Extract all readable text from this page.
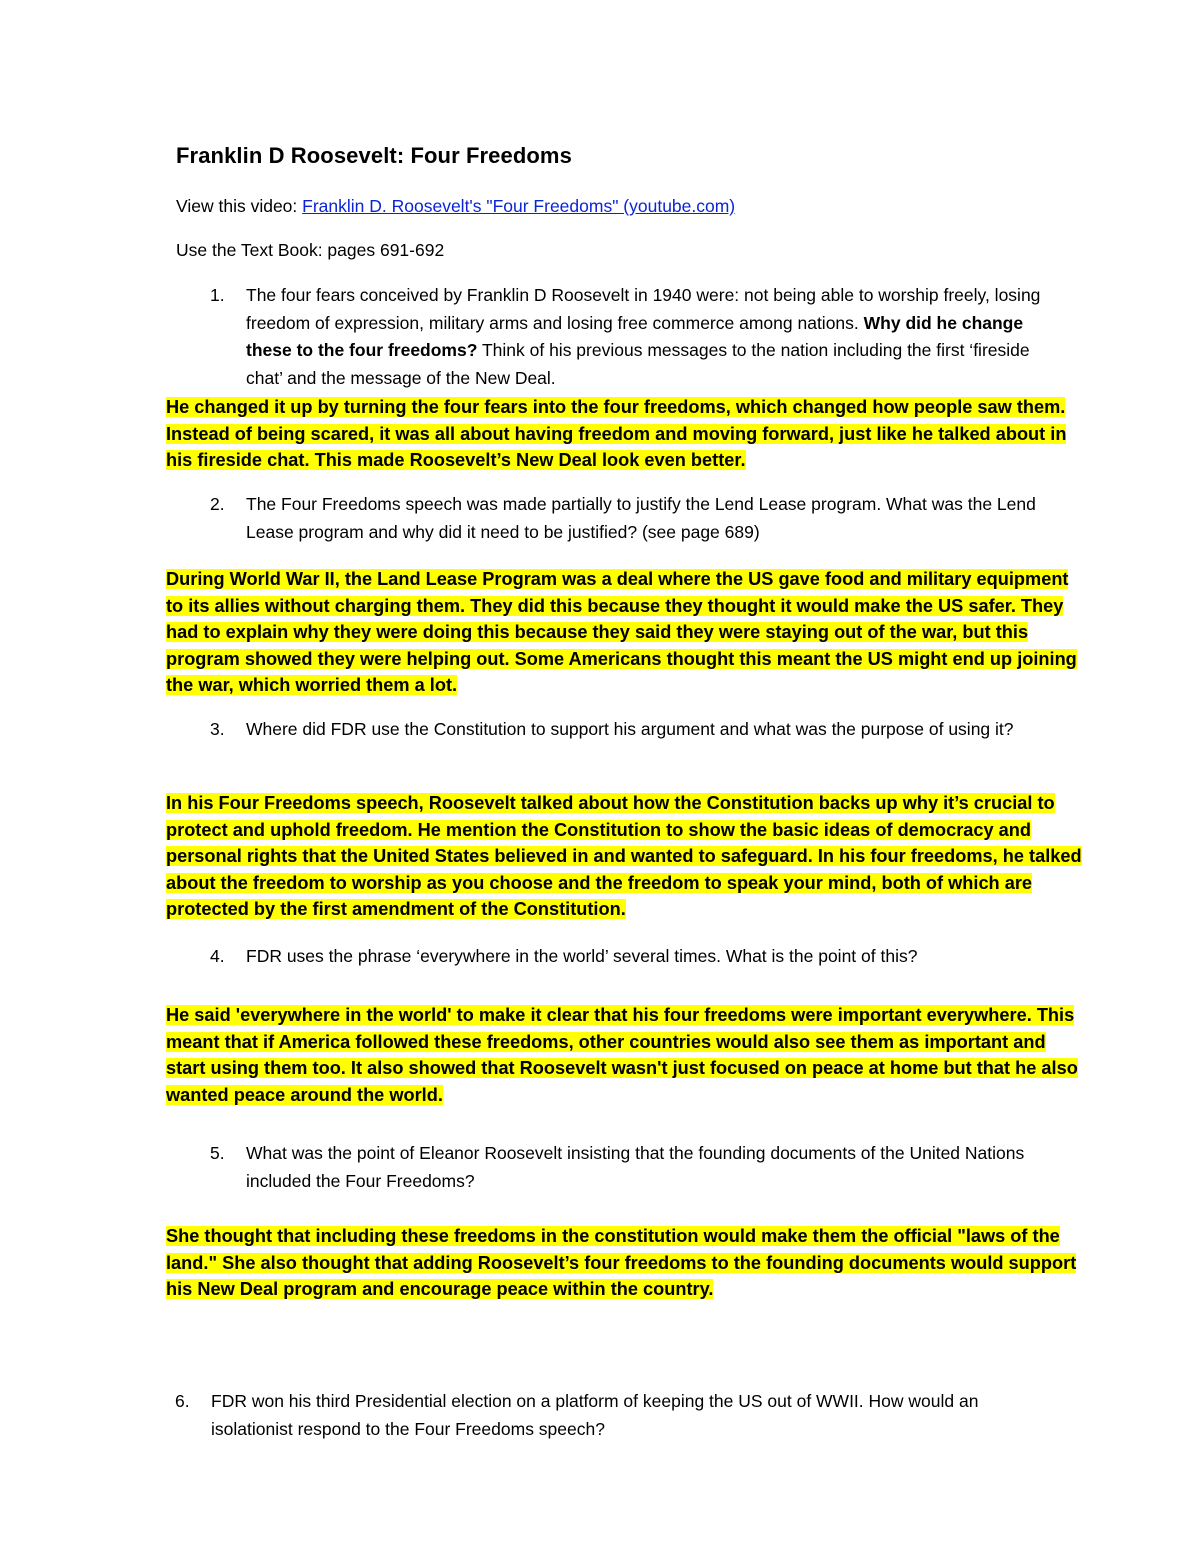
Franklin D Roosevelt: Four Freedoms
View this video: Franklin D. Roosevelt's "Four Freedoms" (youtube.com)
Use the Text Book: pages 691-692
1. The four fears conceived by Franklin D Roosevelt in 1940 were: not being able to worship freely, losing freedom of expression, military arms and losing free commerce among nations. Why did he change these to the four freedoms? Think of his previous messages to the nation including the first ‘fireside chat’ and the message of the New Deal.
He changed it up by turning the four fears into the four freedoms, which changed how people saw them. Instead of being scared, it was all about having freedom and moving forward, just like he talked about in his fireside chat. This made Roosevelt’s New Deal look even better.
2. The Four Freedoms speech was made partially to justify the Lend Lease program. What was the Lend Lease program and why did it need to be justified? (see page 689)
During World War II, the Land Lease Program was a deal where the US gave food and military equipment to its allies without charging them. They did this because they thought it would make the US safer. They had to explain why they were doing this because they said they were staying out of the war, but this program showed they were helping out. Some Americans thought this meant the US might end up joining the war, which worried them a lot.
3. Where did FDR use the Constitution to support his argument and what was the purpose of using it?
In his Four Freedoms speech, Roosevelt talked about how the Constitution backs up why it’s crucial to protect and uphold freedom. He mention the Constitution to show the basic ideas of democracy and personal rights that the United States believed in and wanted to safeguard. In his four freedoms, he talked about the freedom to worship as you choose and the freedom to speak your mind, both of which are protected by the first amendment of the Constitution.
4. FDR uses the phrase ‘everywhere in the world’ several times. What is the point of this?
He said 'everywhere in the world' to make it clear that his four freedoms were important everywhere. This meant that if America followed these freedoms, other countries would also see them as important and start using them too. It also showed that Roosevelt wasn't just focused on peace at home but that he also wanted peace around the world.
5. What was the point of Eleanor Roosevelt insisting that the founding documents of the United Nations included the Four Freedoms?
She thought that including these freedoms in the constitution would make them the official "laws of the land." She also thought that adding Roosevelt’s four freedoms to the founding documents would support his New Deal program and encourage peace within the country.
6. FDR won his third Presidential election on a platform of keeping the US out of WWII. How would an isolationist respond to the Four Freedoms speech?
